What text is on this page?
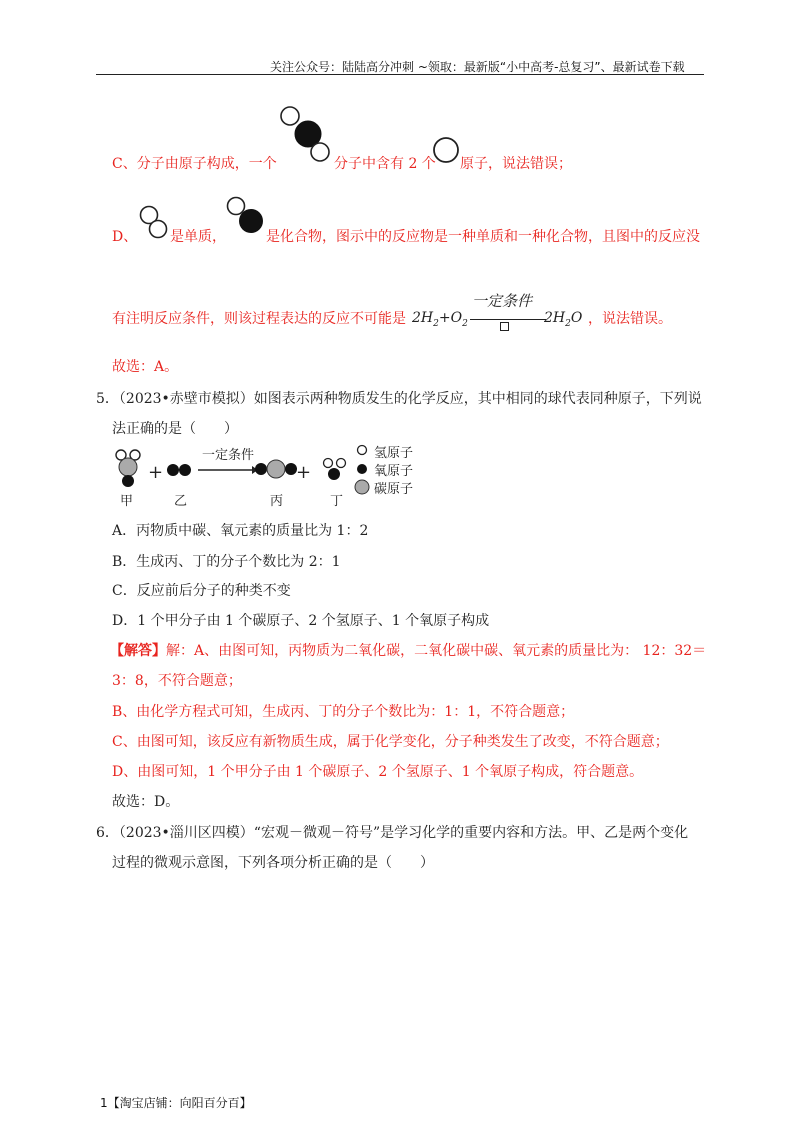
关注公众号：陆陆高分冲刺 ~领取：最新版“小中高考-总复习”、最新试卷下载
C、分子由原子构成，一个	分子中含有 2 个 原子，说法错误；
D、 是单质，	是化合物，图示中的反应物是一种单质和一种化合物，且图中的反应没
有注明反应条件，则该过程表达的反应不可能是 $2H_2+O_2$
一定条件
$2H_2O$ ，说法错误。
故选：A。
5．（2023•赤壁市模拟）如图表示两种物质发生的化学反应，其中相同的球代表同种原子，下列说
法正确的是（　　）
甲
+
乙
一定条件
丙
+
丁
氢原子
氧原子
碳原子
A．丙物质中碳、氧元素的质量比为 1：2
B．生成丙、丁的分子个数比为 2：1
C．反应前后分子的种类不变
D．1 个甲分子由 1 个碳原子、2 个氢原子、1 个氧原子构成
【解答】解：A、由图可知，丙物质为二氧化碳，二氧化碳中碳、氧元素的质量比为： 12：32＝
3：8，不符合题意；
B、由化学方程式可知，生成丙、丁的分子个数比为：1：1，不符合题意；
C、由图可知，该反应有新物质生成，属于化学变化，分子种类发生了改变，不符合题意；
D、由图可知，1 个甲分子由 1 个碳原子、2 个氢原子、1 个氧原子构成，符合题意。
故选：D。
6．（2023•淄川区四模）“宏观－微观－符号”是学习化学的重要内容和方法。甲、乙是两个变化
过程的微观示意图，下列各项分析正确的是（　　）
1【淘宝店铺：向阳百分百】
